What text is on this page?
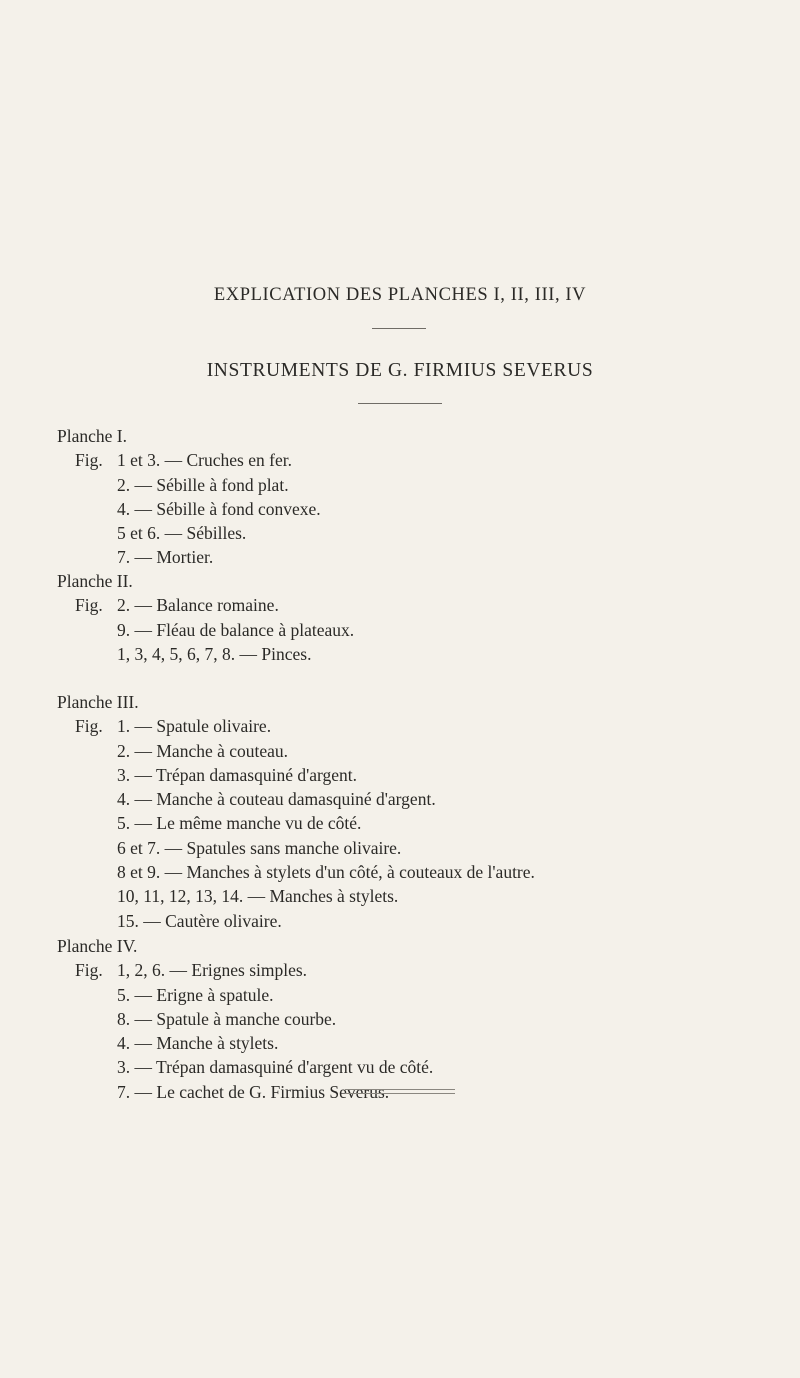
EXPLICATION DES PLANCHES I, II, III, IV
INSTRUMENTS DE G. FIRMIUS SEVERUS
Planche I.
Fig. 1 et 3. — Cruches en fer.
2. — Sébille à fond plat.
4. — Sébille à fond convexe.
5 et 6. — Sébilles.
7. — Mortier.
Planche II.
Fig. 2. — Balance romaine.
9. — Fléau de balance à plateaux.
1, 3, 4, 5, 6, 7, 8. — Pinces.
Planche III.
Fig. 1. — Spatule olivaire.
2. — Manche à couteau.
3. — Trépan damasquiné d'argent.
4. — Manche à couteau damasquiné d'argent.
5. — Le même manche vu de côté.
6 et 7. — Spatules sans manche olivaire.
8 et 9. — Manches à stylets d'un côté, à couteaux de l'autre.
10, 11, 12, 13, 14. — Manches à stylets.
15. — Cautère olivaire.
Planche IV.
Fig. 1, 2, 6. — Erignes simples.
5. — Erigne à spatule.
8. — Spatule à manche courbe.
4. — Manche à stylets.
3. — Trépan damasquiné d'argent vu de côté.
7. — Le cachet de G. Firmius Severus.
